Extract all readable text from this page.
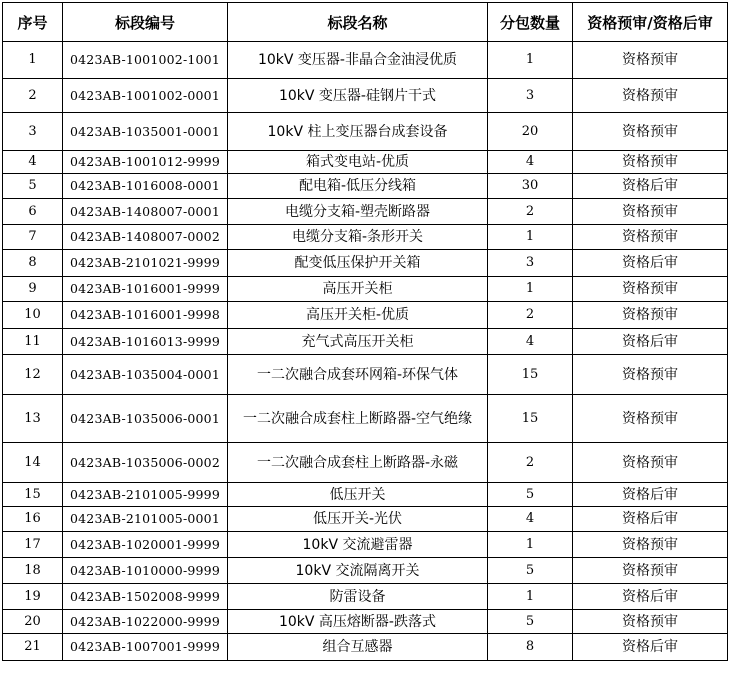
序号	标段编号	标段名称	分包数量	资格预审/资格后审
1	0423AB-1001002-1001	10kV 变压器-非晶合金油浸优质	1	资格预审
2	0423AB-1001002-0001	10kV 变压器-硅钢片干式	3	资格预审
3	0423AB-1035001-0001	10kV 柱上变压器台成套设备	20	资格预审
4	0423AB-1001012-9999	箱式变电站-优质	4	资格预审
5	0423AB-1016008-0001	配电箱-低压分线箱	30	资格后审
6	0423AB-1408007-0001	电缆分支箱-塑壳断路器	2	资格预审
7	0423AB-1408007-0002	电缆分支箱-条形开关	1	资格预审
8	0423AB-2101021-9999	配变低压保护开关箱	3	资格后审
9	0423AB-1016001-9999	高压开关柜	1	资格预审
10	0423AB-1016001-9998	高压开关柜-优质	2	资格预审
11	0423AB-1016013-9999	充气式高压开关柜	4	资格后审
12	0423AB-1035004-0001	一二次融合成套环网箱-环保气体	15	资格预审
13	0423AB-1035006-0001	一二次融合成套柱上断路器-空气绝缘	15	资格预审
14	0423AB-1035006-0002	一二次融合成套柱上断路器-永磁	2	资格预审
15	0423AB-2101005-9999	低压开关	5	资格后审
16	0423AB-2101005-0001	低压开关-光伏	4	资格后审
17	0423AB-1020001-9999	10kV 交流避雷器	1	资格预审
18	0423AB-1010000-9999	10kV 交流隔离开关	5	资格预审
19	0423AB-1502008-9999	防雷设备	1	资格后审
20	0423AB-1022000-9999	10kV 高压熔断器-跌落式	5	资格预审
21	0423AB-1007001-9999	组合互感器	8	资格后审
